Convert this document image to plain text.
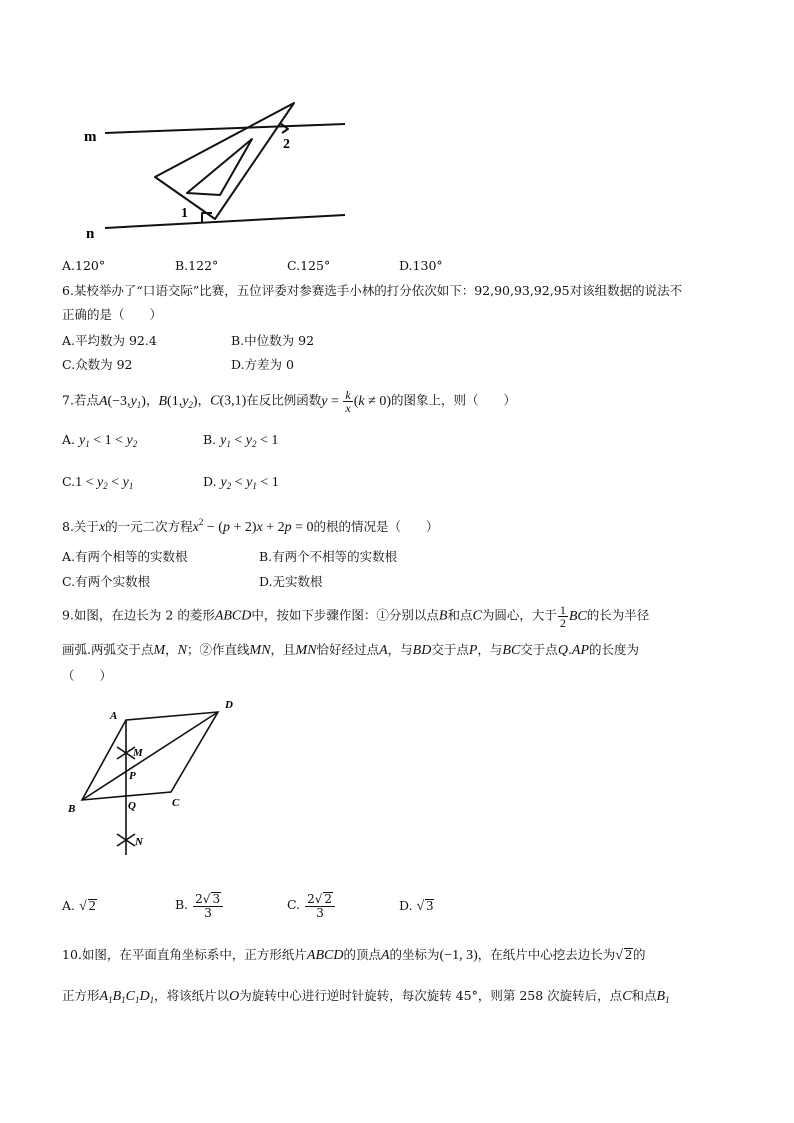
m
n
1
2
A.120°	B.122°	C.125°	D.130°
6.某校举办了“口语交际”比赛，五位评委对参赛选手小林的打分依次如下：92,90,93,92,95对该组数据的说法不
正确的是（　　）
A.平均数为 92.4	B.中位数为 92
C.众数为 92	D.方差为 0
7.若点$A(-3,y_1)$，$B(1,y_2)$，C(3,1)在反比例函数$y = \frac{k}{x} (k \ne 0)$的图象上，则（　　）
A. $y_1 < 1 < y_2$	B. $y_1 < y_2 < 1$
$C.1 < y_2 < y_1$	D. $y_2 < y_1 < 1$
8.关于x的一元二次方程$x^2 - (p + 2)x + 2p = 0$的根的情况是（　　）
A.有两个相等的实数根	B.有两个不相等的实数根
C.有两个实数根	D.无实数根
9.如图，在边长为 2 的菱形ABCD中，按如下步骤作图：①分别以点B和点C为圆心，大于 $\frac{1}{2}$ BC的长为半径
画弧.两弧交于点M，N；②作直线MN，且MN恰好经过点A，与BD交于点P，与BC交于点Q.AP的长度为
（　　）
A
D
M
P
B	Q	C
N
A. √ 2	B. $\frac{2√ 3}{3}$	C. $\frac{2√ 2}{3}$	D. √ 3
10.如图，在平面直角坐标系中，正方形纸片ABCD的顶点A的坐标为(−1, 3)，在纸片中心挖去边长为√ 2的
正方形$A_1B_1C_1D_1$，将该纸片以O为旋转中心进行逆时针旋转，每次旋转 45°，则第 258 次旋转后，点C和点$B_1$
